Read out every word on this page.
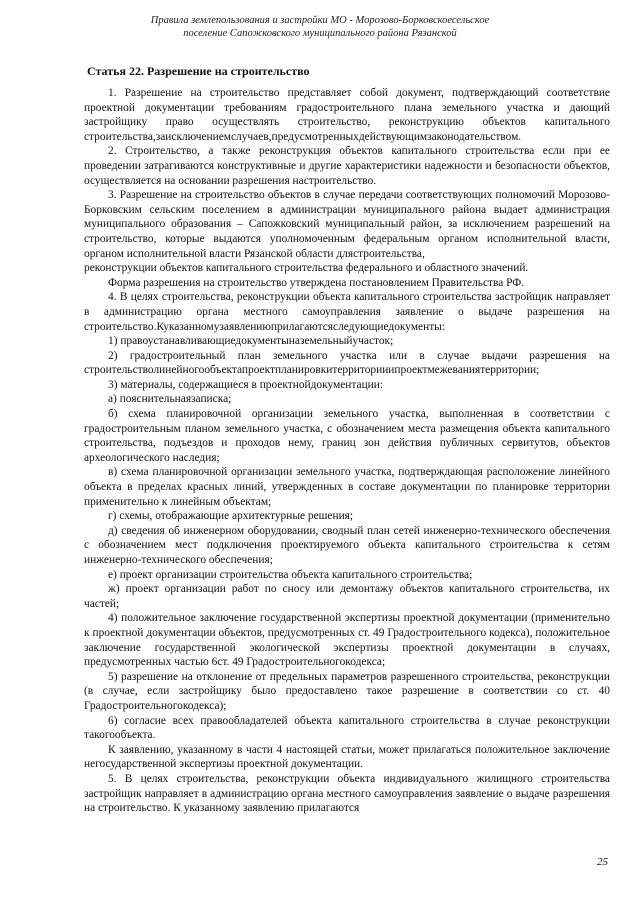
Правила землепользования и застройки МО - Морозово-Борковскоесельское
поселение Сапожковского муниципального района Рязанской
Статья 22. Разрешение на строительство

1. Разрешение на строительство представляет собой документ, подтверждающий соответствие проектной документации требованиям градостроительного плана земельного участка и дающий застройщику право осуществлять строительство, реконструкцию объектов капитального строительства,заисключениемслучаев,предусмотренныхдействующимзаконодательством.

2. Строительство, а также реконструкция объектов капитального строительства если при ее проведении затрагиваются конструктивные и другие характеристики надежности и безопасности объектов, осуществляется на основании разрешения настроительство.

3. Разрешение на строительство объектов в случае передачи соответствующих полномочий Морозово-Борковским сельским поселением в администрации муниципального района выдает администрация муниципального образования – Сапожковский муниципальный район, за исключением разрешений на строительство, которые выдаются уполномоченным федеральным органом исполнительной власти, органом исполнительной власти Рязанской области длястроительства,

реконструкции объектов капитального строительства федерального и областного значений.

Форма разрешения на строительство утверждена постановлением Правительства РФ.

4. В целях строительства, реконструкции объекта капитального строительства застройщик направляет в администрацию органа местного самоуправления заявление о выдаче разрешения на строительство.Куказанномузаявлениюприлагаютсяследующиедокументы:

1) правоустанавливающиедокументыназемельныйучасток;

2) градостроительный план земельного участка или в случае выдачи разрешения на строительстволинейногообъектапроектпланировкитерриторииипроектмежеваниятерритории;

3) материалы, содержащиеся в проектнойдокументации:

а) пояснительнаязаписка;

б) схема планировочной организации земельного участка, выполненная в соответствии с градостроительным планом земельного участка, с обозначением места размещения объекта капитального строительства, подъездов и проходов нему, границ зон действия публичных сервитутов, объектов археологического наследия;

в) схема планировочной организации земельного участка, подтверждающая расположение линейного объекта в пределах красных линий, утвержденных в составе документации по планировке территории применительно к линейным объектам;

г) схемы, отображающие архитектурные решения;

д) сведения об инженерном оборудовании, сводный план сетей инженерно-технического обеспечения с обозначением мест подключения проектируемого объекта капитального строительства к сетям инженерно-технического обеспечения;

е) проект организации строительства объекта капитального строительства;

ж) проект организации работ по сносу или демонтажу объектов капитального строительства, их частей;

4) положительное заключение государственной экспертизы проектной документации (применительно к проектной документации объектов, предусмотренных ст. 49 Градостроительного кодекса), положительное заключение государственной экологической экспертизы проектной документации в случаях, предусмотренных частью 6ст. 49 Градостроительногокодекса;

5) разрешение на отклонение от предельных параметров разрешенного строительства, реконструкции (в случае, если застройщику было предоставлено такое разрешение в соответствии со ст. 40 Градостроительногокодекса);

6) согласие всех правообладателей объекта капитального строительства в случае реконструкции такогообъекта.

К заявлению, указанному в части 4 настоящей статьи, может прилагаться положительное заключение негосударственной экспертизы проектной документации.

5. В целях строительства, реконструкции объекта индивидуального жилищного строительства застройщик направляет в администрацию органа местного самоуправления заявление о выдаче разрешения на строительство. К указанному заявлению прилагаются

25
